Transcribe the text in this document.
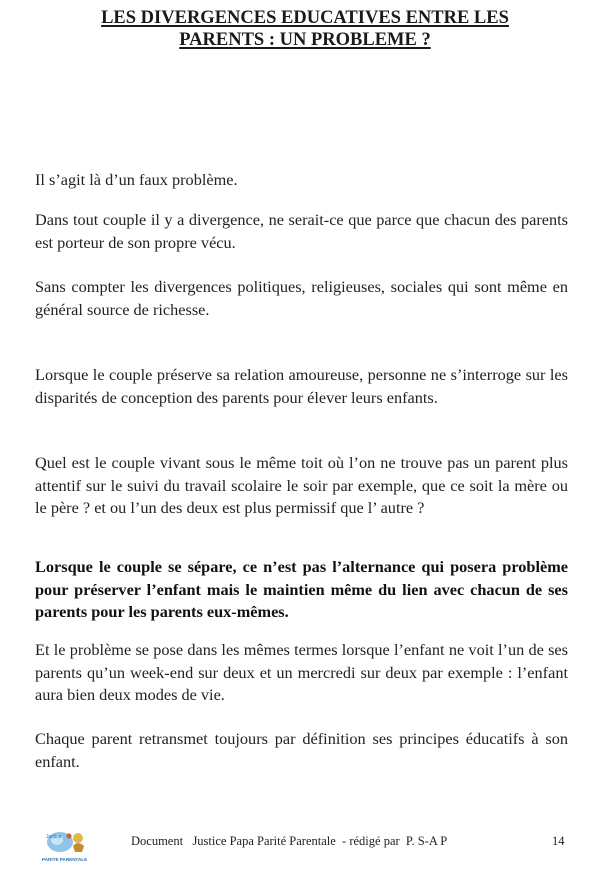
LES DIVERGENCES EDUCATIVES ENTRE LES
PARENTS : UN PROBLEME ?

Il s’agit là d’un faux problème.

Dans tout couple il y a divergence, ne serait-ce que parce que chacun des parents est porteur de son propre vécu.

Sans compter les divergences politiques, religieuses, sociales qui sont même en général source de richesse.

Lorsque le couple préserve sa relation amoureuse, personne ne s’interroge sur les disparités de conception des parents pour élever leurs enfants.

Quel est le couple vivant sous le même toit où l’on ne trouve pas un parent plus attentif sur le suivi du travail scolaire le soir par exemple, que ce soit la mère ou le père ? et ou l’un des deux est plus permissif que l’ autre ?

Lorsque le couple se sépare, ce n’est pas l’alternance qui posera problème pour préserver l’enfant mais le maintien même du lien avec chacun de ses parents pour les parents eux-mêmes.

Et le problème se pose dans les mêmes termes lorsque l’enfant ne voit l’un de ses parents qu’un week-end sur deux et un mercredi sur deux par exemple : l’enfant aura bien deux modes de vie.

Chaque parent retransmet toujours par définition ses principes éducatifs à son enfant.

Justice
PARITE PARENTALE
Document   Justice Papa Parité Parentale  - rédigé par  P. S-A P	14
